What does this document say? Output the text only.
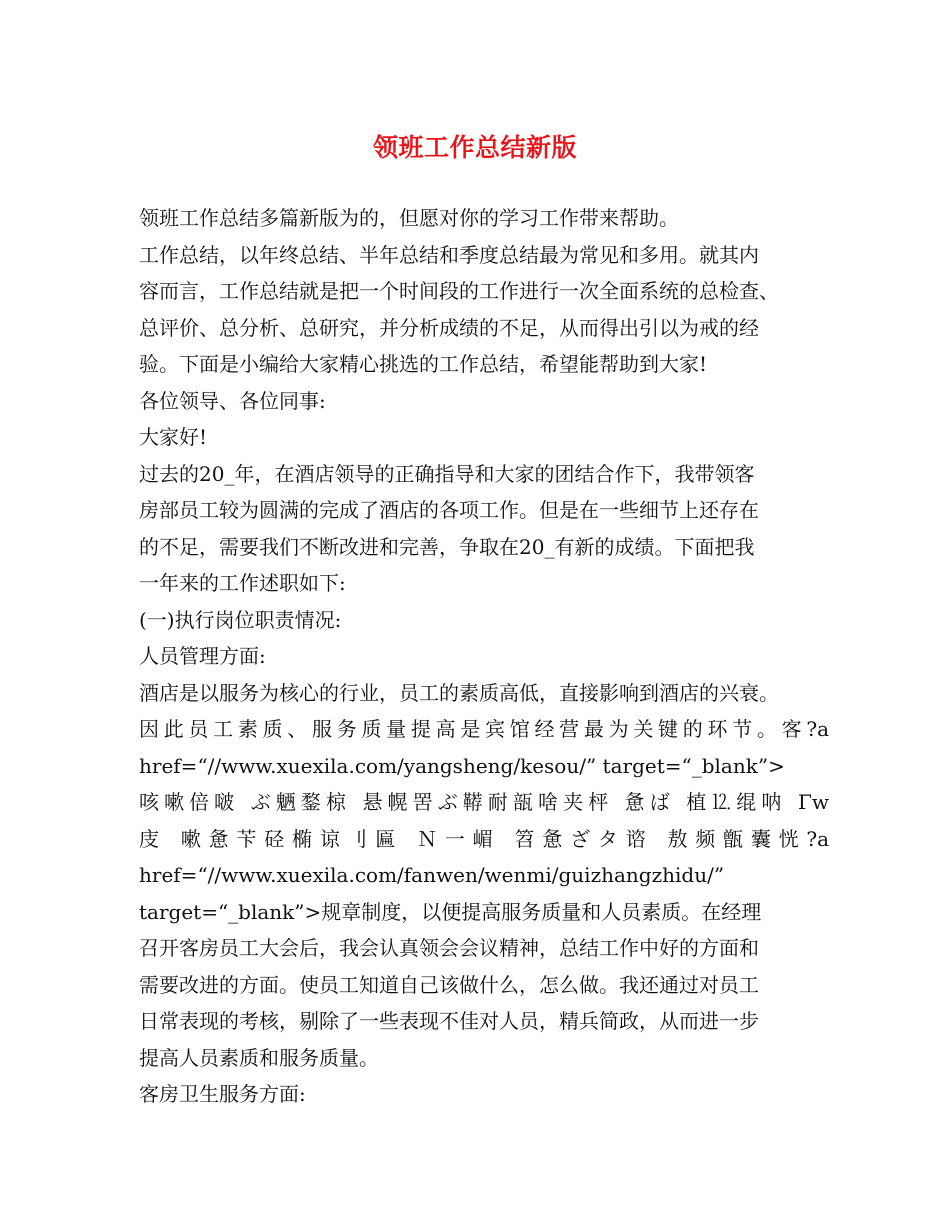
领班工作总结新版
领班工作总结多篇新版为的，但愿对你的学习工作带来帮助。
工作总结，以年终总结、半年总结和季度总结最为常见和多用。就其内
容而言，工作总结就是把一个时间段的工作进行一次全面系统的总检查、
总评价、总分析、总研究，并分析成绩的不足，从而得出引以为戒的经
验。下面是小编给大家精心挑选的工作总结，希望能帮助到大家!
各位领导、各位同事:
大家好!
过去的20_年，在酒店领导的正确指导和大家的团结合作下，我带领客
房部员工较为圆满的完成了酒店的各项工作。但是在一些细节上还存在
的不足，需要我们不断改进和完善，争取在20_有新的成绩。下面把我
一年来的工作述职如下:
(一)执行岗位职责情况:
人员管理方面:
酒店是以服务为核心的行业，员工的素质高低，直接影响到酒店的兴衰。
因此员工素质、服务质量提高是宾馆经营最为关键的环节。客?a
href=“//www.xuexila.com/yangsheng/kesou/” target=“_blank”>
咳嗽倍啵 ぶ魉鍪椋 悬幌罟ぶ鞯耐瓿啥夹枰 惫ば 植⒓绲呐 Γw
庋 嗽惫苄硁椭谅刂匾 Ｎ一嵋 笤惫ざタ谘 敖频甑囊恍?a
href=“//www.xuexila.com/fanwen/wenmi/guizhangzhidu/”
target=“_blank”>规章制度，以便提高服务质量和人员素质。在经理
召开客房员工大会后，我会认真领会会议精神，总结工作中好的方面和
需要改进的方面。使员工知道自己该做什么，怎么做。我还通过对员工
日常表现的考核，剔除了一些表现不佳对人员，精兵简政，从而进一步
提高人员素质和服务质量。
客房卫生服务方面:
